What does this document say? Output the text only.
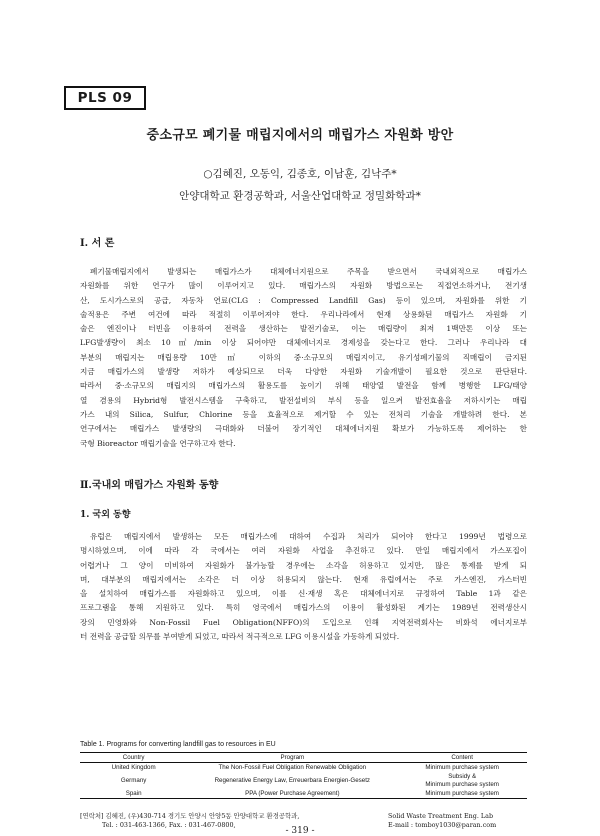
PLS 09
중소규모 폐기물 매립지에서의 매립가스 자원화 방안
○김혜진, 오동익, 김종호, 이남훈, 김낙주*
안양대학교 환경공학과, 서울산업대학교 정밀화학과*
Ⅰ. 서 론

폐기물매립지에서 발생되는 매립가스가 대체에너지원으로 주목을 받으면서 국내외적으로 매립가스

자원화를 위한 연구가 많이 이루어지고 있다. 매립가스의 자원화 방법으로는 직접연소하거나, 전기생

산, 도시가스로의 공급, 자동차 연료(CLG : Compressed Landfill Gas) 등이 있으며, 자원화를 위한 기

술적용은 주변 여건에 따라 적절히 이루어져야 한다. 우리나라에서 현재 상용화된 매립가스 자원화 기

술은 엔진이나 터빈을 이용하여 전력을 생산하는 발전기술로, 이는 매립량이 최저 1백만톤 이상 또는

LFG발생량이 최소 10㎥/min 이상 되어야만 대체에너지로 경제성을 갖는다고 한다. 그러나 우리나라 대

부분의 매립지는 매립용량 10만㎥ 이하의 중·소규모의 매립지이고, 유기성폐기물의 직매립이 금지된

지금 매립가스의 발생량 저하가 예상되므로 더욱 다양한 자원화 기술개발이 필요한 것으로 판단된다.

따라서 중·소규모의 매립지의 매립가스의 활용도를 높이기 위해 태양열 발전을 함께 병행한 LFG/태양

열 겸용의 Hybrid형 발전시스템을 구축하고, 발전설비의 부식 등을 일으켜 발전효율을 저하시키는 매립

가스 내의 Silica, Sulfur, Chlorine 등을 효율적으로 제거할 수 있는 전처리 기술을 개발하려 한다. 본

연구에서는 매립가스 발생량의 극대화와 더불어 장기적인 대체에너지원 확보가 가능하도록 제어하는 한

국형 Bioreactor 매립기술을 연구하고자 한다.

Ⅱ.국내외 매립가스 자원화 동향
1. 국외 동향

유럽은 매립지에서 발생하는 모든 매립가스에 대하여 수집과 처리가 되어야 한다고 1999년 법령으로

명시하였으며, 이에 따라 각 국에서는 여러 자원화 사업을 추진하고 있다. 만일 매립지에서 가스포집이

어렵거나 그 양이 미비하여 자원화가 불가능할 경우에는 소각을 허용하고 있지만, 많은 통제를 받게 되

며, 대부분의 매립지에서는 소각은 더 이상 허용되지 않는다. 현재 유럽에서는 주로 가스엔진, 가스터빈

을 설치하여 매립가스를 자원화하고 있으며, 이를 신·재생 혹은 대체에너지로 규정하여 Table 1과 같은

프로그램을 통해 지원하고 있다. 특히 영국에서 매립가스의 이용이 활성화된 계기는 1989년 전력생산시

장의 민영화와 Non-Fossil Fuel Obligation(NFFO)의 도입으로 인해 지역전력회사는 비화석 에너지로부

터 전력을 공급할 의무를 부여받게 되었고, 따라서 적극적으로 LFG 이용시설을 가동하게 되었다.

Table 1. Programs for converting landfill gas to resources in EU
Country	Program	Content
United Kingdom	The Non-Fossil Fuel Obligation Renewable Obligation	Minimum purchase system
Germany	Regenerative Energy Law, Erreuerbara Energien-Gesetz	Subsidy &
Minimum purchase system

Spain	PPA (Power Purchase Agreement)	Minimum purchase system
[연락처] 김혜진, (우)430-714 경기도 안양시 안양5동 안양대학교 환경공학과,
Tel. : 031-463-1366, Fax. : 031-467-0800,
Solid Waste Treatment Eng. Lab
E-mail : tomboy1030@paran.com
- 319 -
